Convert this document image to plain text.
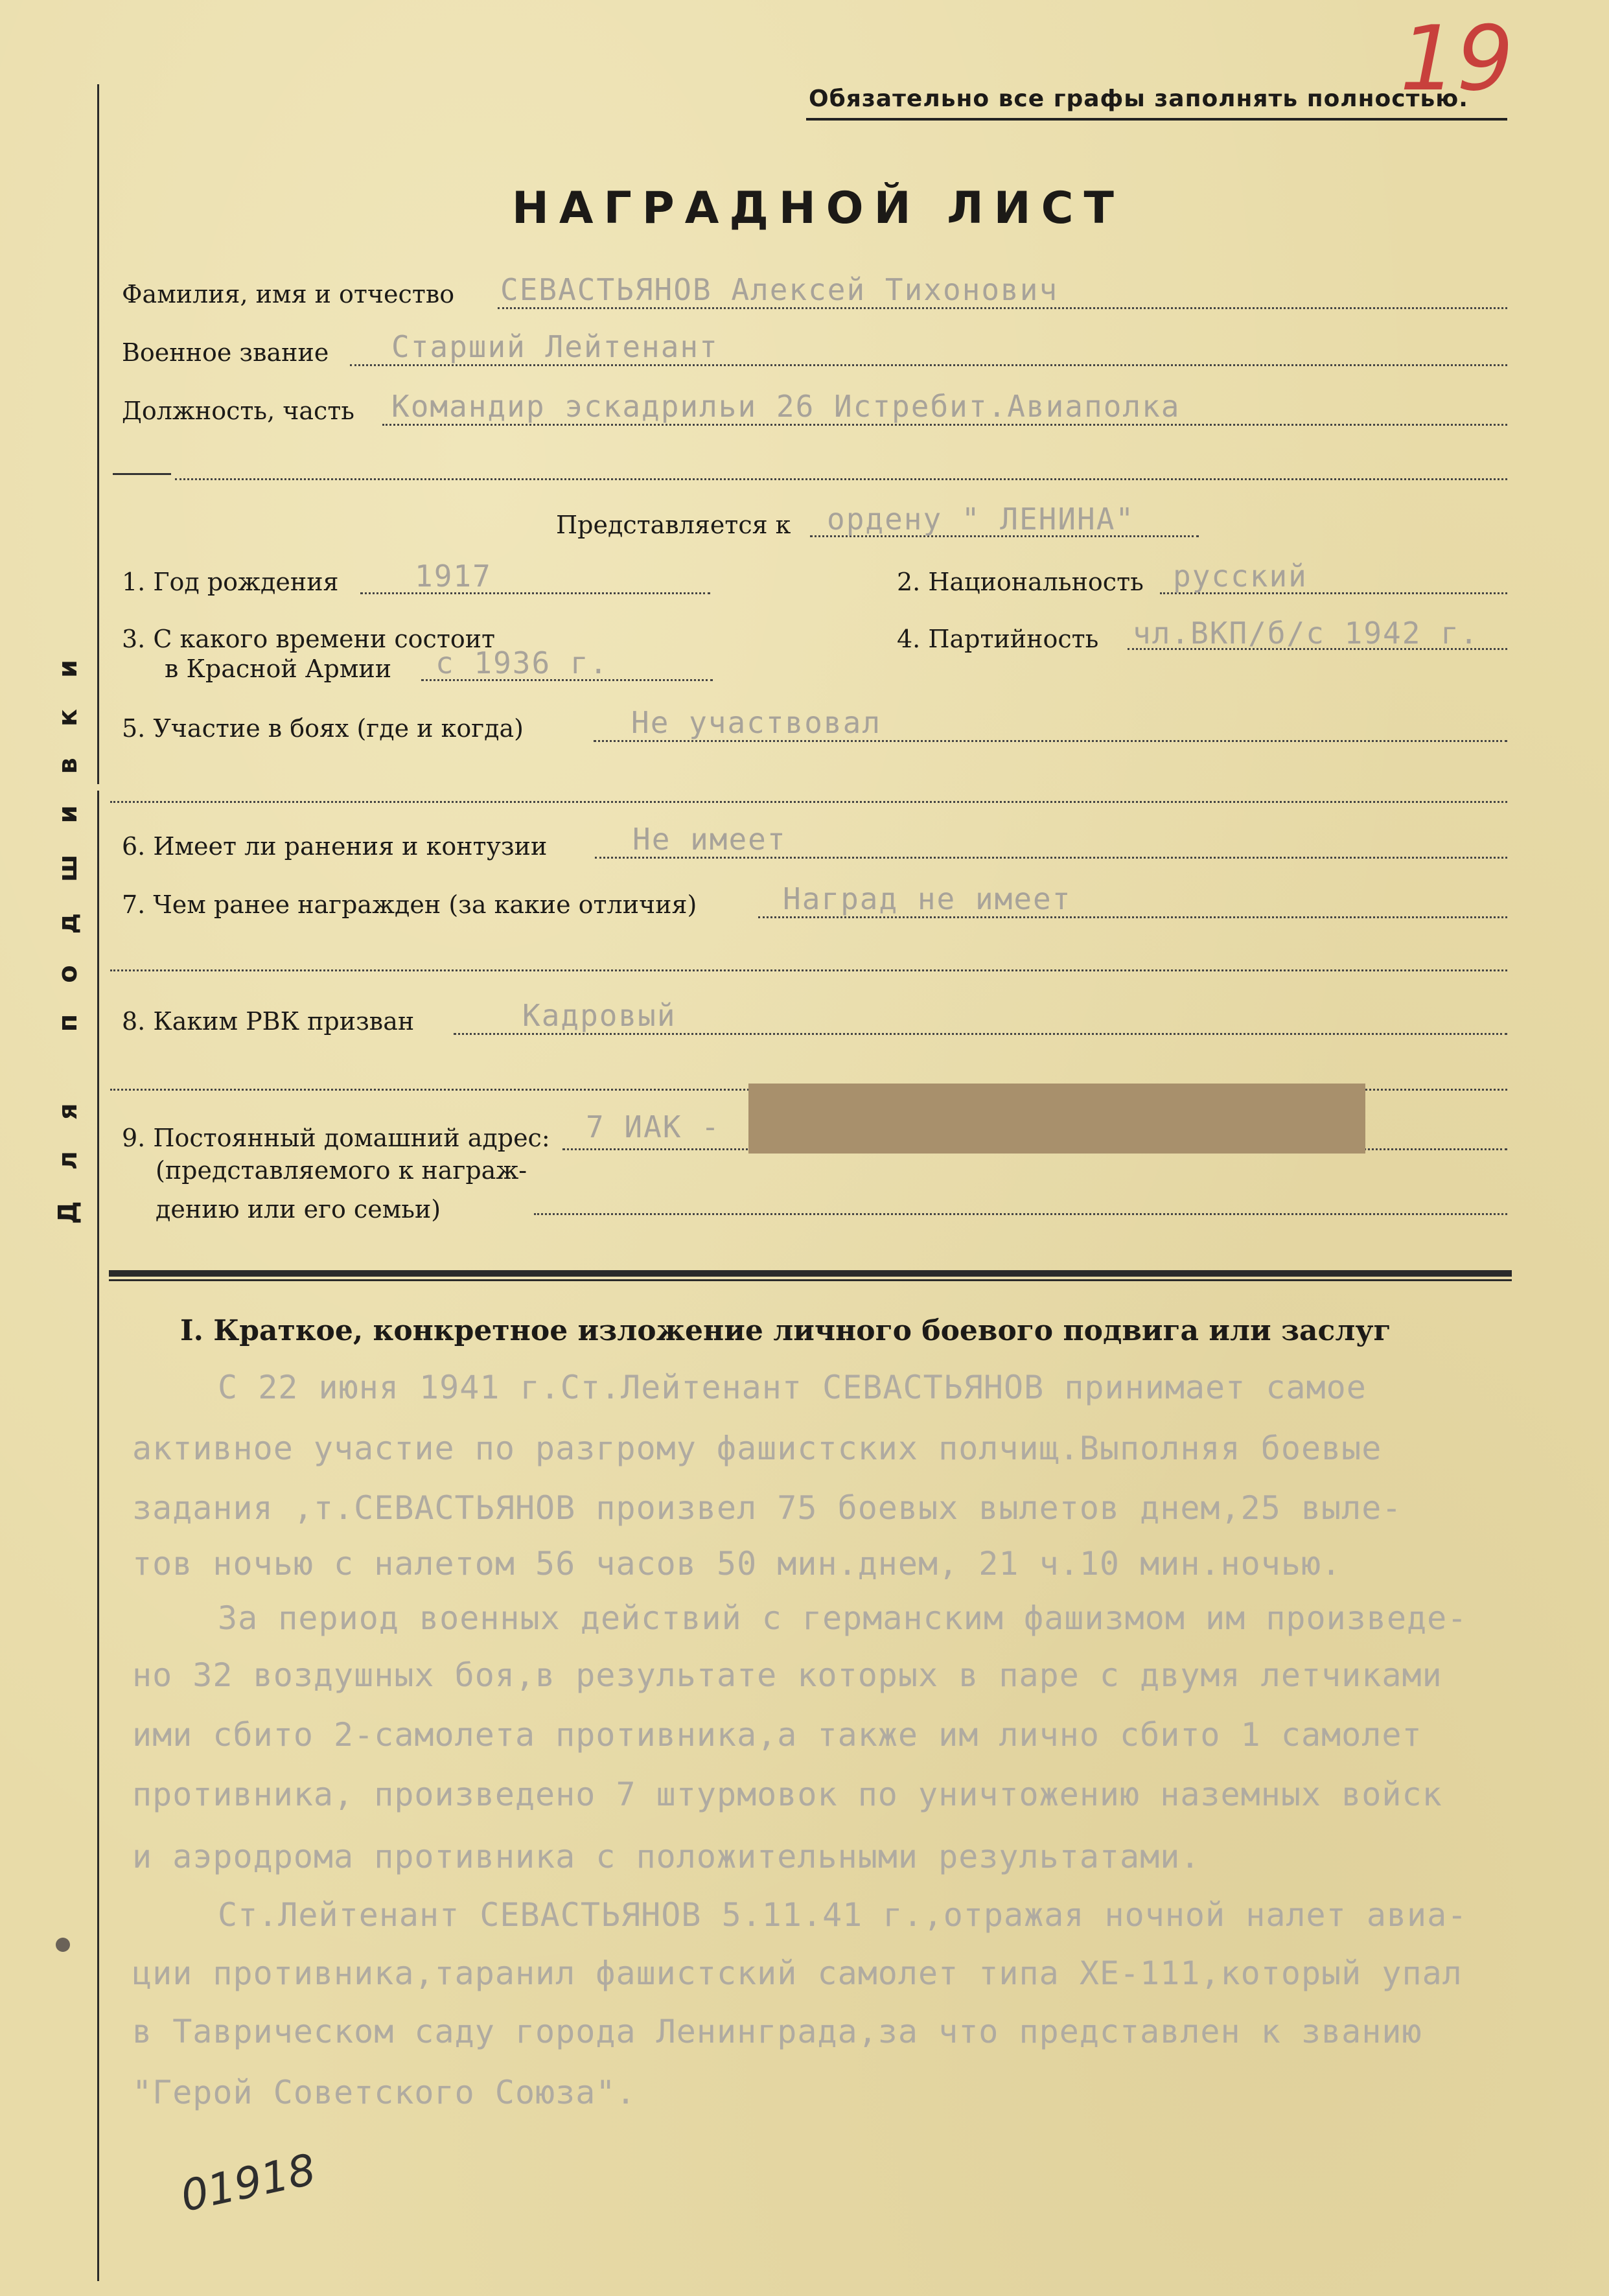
19
Обязательно все графы заполнять полностью.
НАГРАДНОЙ ЛИСТ
Для подшивки
Фамилия, имя и отчество СЕВАСТЬЯНОВ Алексей Тихонович
Военное звание Старший Лейтенант
Должность, часть Командир эскадрильи 26 Истребит.Авиаполка
Представляется к ордену " ЛЕНИНА"
1. Год рождения	1917	2. Национальность русский
3. С какого времени состоит
в Красной Армии с 1936 г.
4. Партийность чл.ВКП/б/с 1942 г.
5. Участие в боях (где и когда)	Не участвовал
6. Имеет ли ранения и контузии	Не имеет
7. Чем ранее награжден (за какие отличия)	Наград не имеет
8. Каким РВК призван	Кадровый
9. Постоянный домашний адрес:
(представляемого к награж-
дению или его семьи)
7 ИАК -
I. Краткое, конкретное изложение личного боевого подвига или заслуг
С 22 июня 1941 г.Ст.Лейтенант СЕВАСТЬЯНОВ принимает самое
активное участие по разгрому фашистских полчищ.Выполняя боевые
задания ,т.СЕВАСТЬЯНОВ произвел 75 боевых вылетов днем,25 выле-
тов ночью с налетом 56 часов 50 мин.днем, 21 ч.10 мин.ночью.
За период военных действий с германским фашизмом им произведе-
но 32 воздушных боя,в результате которых в паре с двумя летчиками
ими сбито 2-самолета противника,а также им лично сбито 1 самолет
противника, произведено 7 штурмовок по уничтожению наземных войск
и аэродрома противника с положительными результатами.
Ст.Лейтенант СЕВАСТЬЯНОВ 5.11.41 г.,отражая ночной налет авиа-
ции противника,таранил фашистский самолет типа ХЕ-111,который упал
в Таврическом саду города Ленинграда,за что представлен к званию
"Герой Советского Союза".
01918
